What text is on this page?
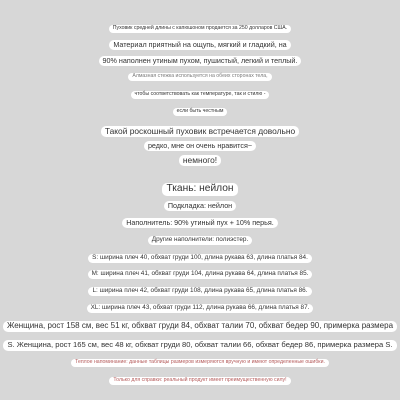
Пуховик средней длины с капюшоном продается за 250 долларов США.
Материал приятный на ощупь, мягкий и гладкий, на
90% наполнен утиным пухом, пушистый, легкий и теплый.
Алмазная стежка используется на обеих сторонах тела,
чтобы соответствовать как температуре, так и стилю -
если быть честным
Такой роскошный пуховик встречается довольно
редко, мне он очень нравится~
немного!
Ткань: нейлон
Подкладка: нейлон
Наполнитель: 90% утиный пух + 10% перья.
Другие наполнители: полиэстер.
S: ширина плеч 40, обхват груди 100, длина рукава 63, длина платья 84.
M: ширина плеч 41, обхват груди 104, длина рукава 64, длина платья 85.
L: ширина плеч 42, обхват груди 108, длина рукава 65, длина платья 86.
XL: ширина плеч 43, обхват груди 112, длина рукава 66, длина платья 87.
Женщина, рост 158 см, вес 51 кг, обхват груди 84, обхват талии 70, обхват бедер 90, примерка размера
S. Женщина, рост 165 см, вес 48 кг, обхват груди 80, обхват талии 66, обхват бедер 86, примерка размера S.
Теплое напоминание: данные таблицы размеров измеряются вручную и имеют определенные ошибки.
Только для справки: реальный продукт имеет преимущественную силу!
